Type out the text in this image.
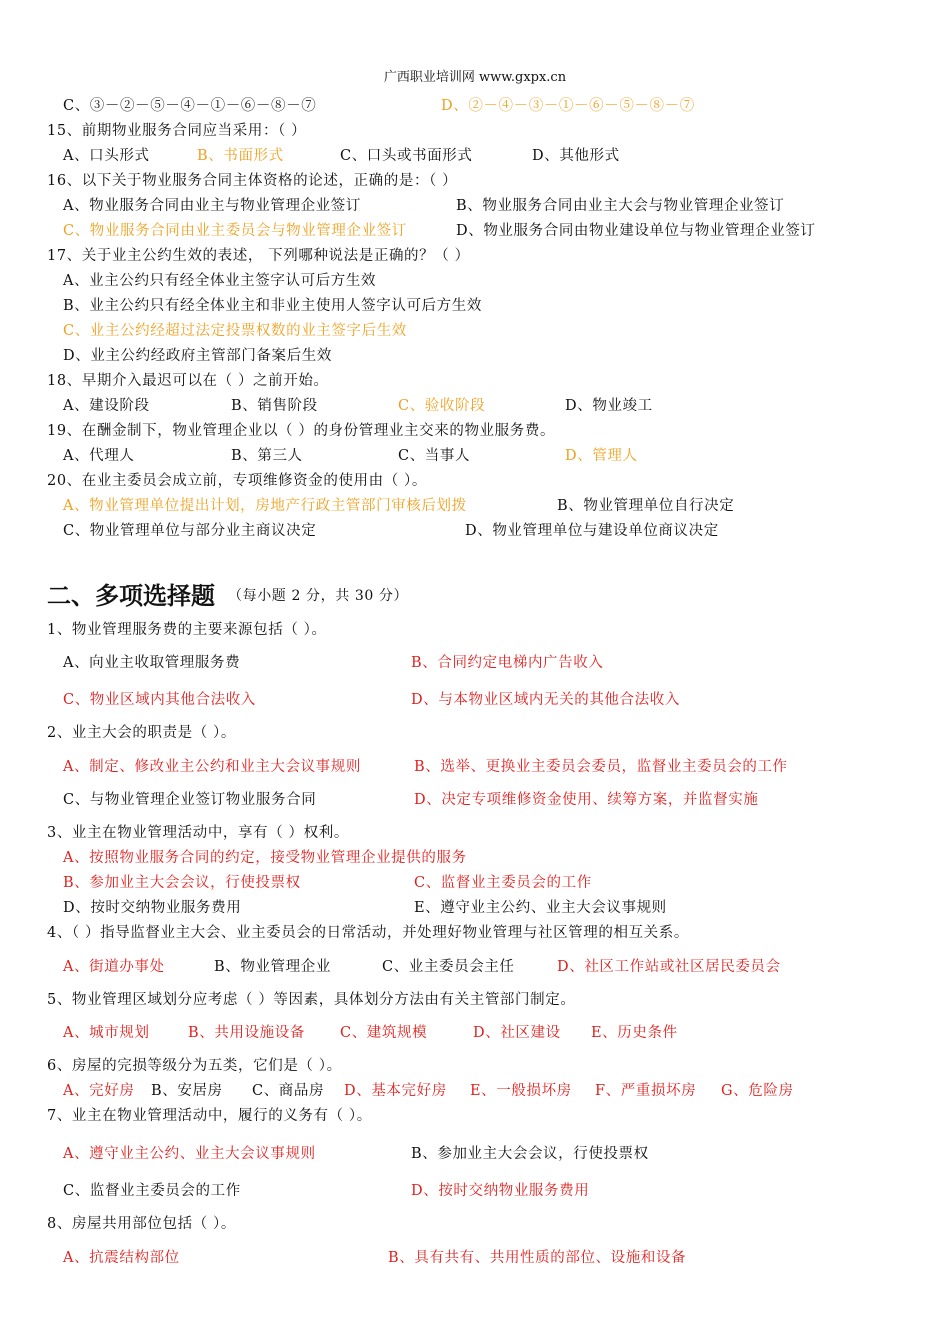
广西职业培训网 www.gxpx.cn
C、③－②－⑤－④－①－⑥－⑧－⑦	D、②－④－③－①－⑥－⑤－⑧－⑦
15、前期物业服务合同应当采用：（ ）
A、口头形式	B、书面形式	C、口头或书面形式	D、其他形式
16、以下关于物业服务合同主体资格的论述，正确的是：（ ）
A、物业服务合同由业主与物业管理企业签订	B、物业服务合同由业主大会与物业管理企业签订
C、物业服务合同由业主委员会与物业管理企业签订	D、物业服务合同由物业建设单位与物业管理企业签订
17、关于业主公约生效的表述， 下列哪种说法是正确的？（ ）
A、业主公约只有经全体业主签字认可后方生效
B、业主公约只有经全体业主和非业主使用人签字认可后方生效
C、业主公约经超过法定投票权数的业主签字后生效
D、业主公约经政府主管部门备案后生效
18、早期介入最迟可以在（ ）之前开始。
A、建设阶段	B、销售阶段	C、验收阶段	D、物业竣工
19、在酬金制下，物业管理企业以（ ）的身份管理业主交来的物业服务费。
A、代理人	B、第三人	C、当事人	D、管理人
20、在业主委员会成立前，专项维修资金的使用由（ ）。
A、物业管理单位提出计划，房地产行政主管部门审核后划拨	B、物业管理单位自行决定
C、物业管理单位与部分业主商议决定	D、物业管理单位与建设单位商议决定
1、物业管理服务费的主要来源包括（ ）。
A、向业主收取管理服务费	B、合同约定电梯内广告收入
C、物业区域内其他合法收入	D、与本物业区域内无关的其他合法收入
2、业主大会的职责是（ ）。
A、制定、修改业主公约和业主大会议事规则	B、选举、更换业主委员会委员，监督业主委员会的工作
C、与物业管理企业签订物业服务合同	D、决定专项维修资金使用、续筹方案，并监督实施
3、业主在物业管理活动中，享有（ ）权利。
A、按照物业服务合同的约定，接受物业管理企业提供的服务
B、参加业主大会会议，行使投票权	C、监督业主委员会的工作
D、按时交纳物业服务费用	E、遵守业主公约、业主大会议事规则
4、（ ）指导监督业主大会、业主委员会的日常活动，并处理好物业管理与社区管理的相互关系。
A、街道办事处	B、物业管理企业	C、业主委员会主任	D、社区工作站或社区居民委员会
5、物业管理区域划分应考虑（ ）等因素，具体划分方法由有关主管部门制定。
A、城市规划	B、共用设施设备 C、建筑规模	D、社区建设 E、历史条件
6、房屋的完损等级分为五类，它们是（ ）。
A、完好房 B、安居房 C、商品房 D、基本完好房 E、一般损坏房 F、严重损坏房 G、危险房
7、业主在物业管理活动中，履行的义务有（ ）。
A、遵守业主公约、业主大会议事规则	B、参加业主大会会议，行使投票权
C、监督业主委员会的工作	D、按时交纳物业服务费用
8、房屋共用部位包括（ ）。
A、抗震结构部位	B、具有共有、共用性质的部位、设施和设备
二、多项选择题 （每小题 2 分，共 30 分）
